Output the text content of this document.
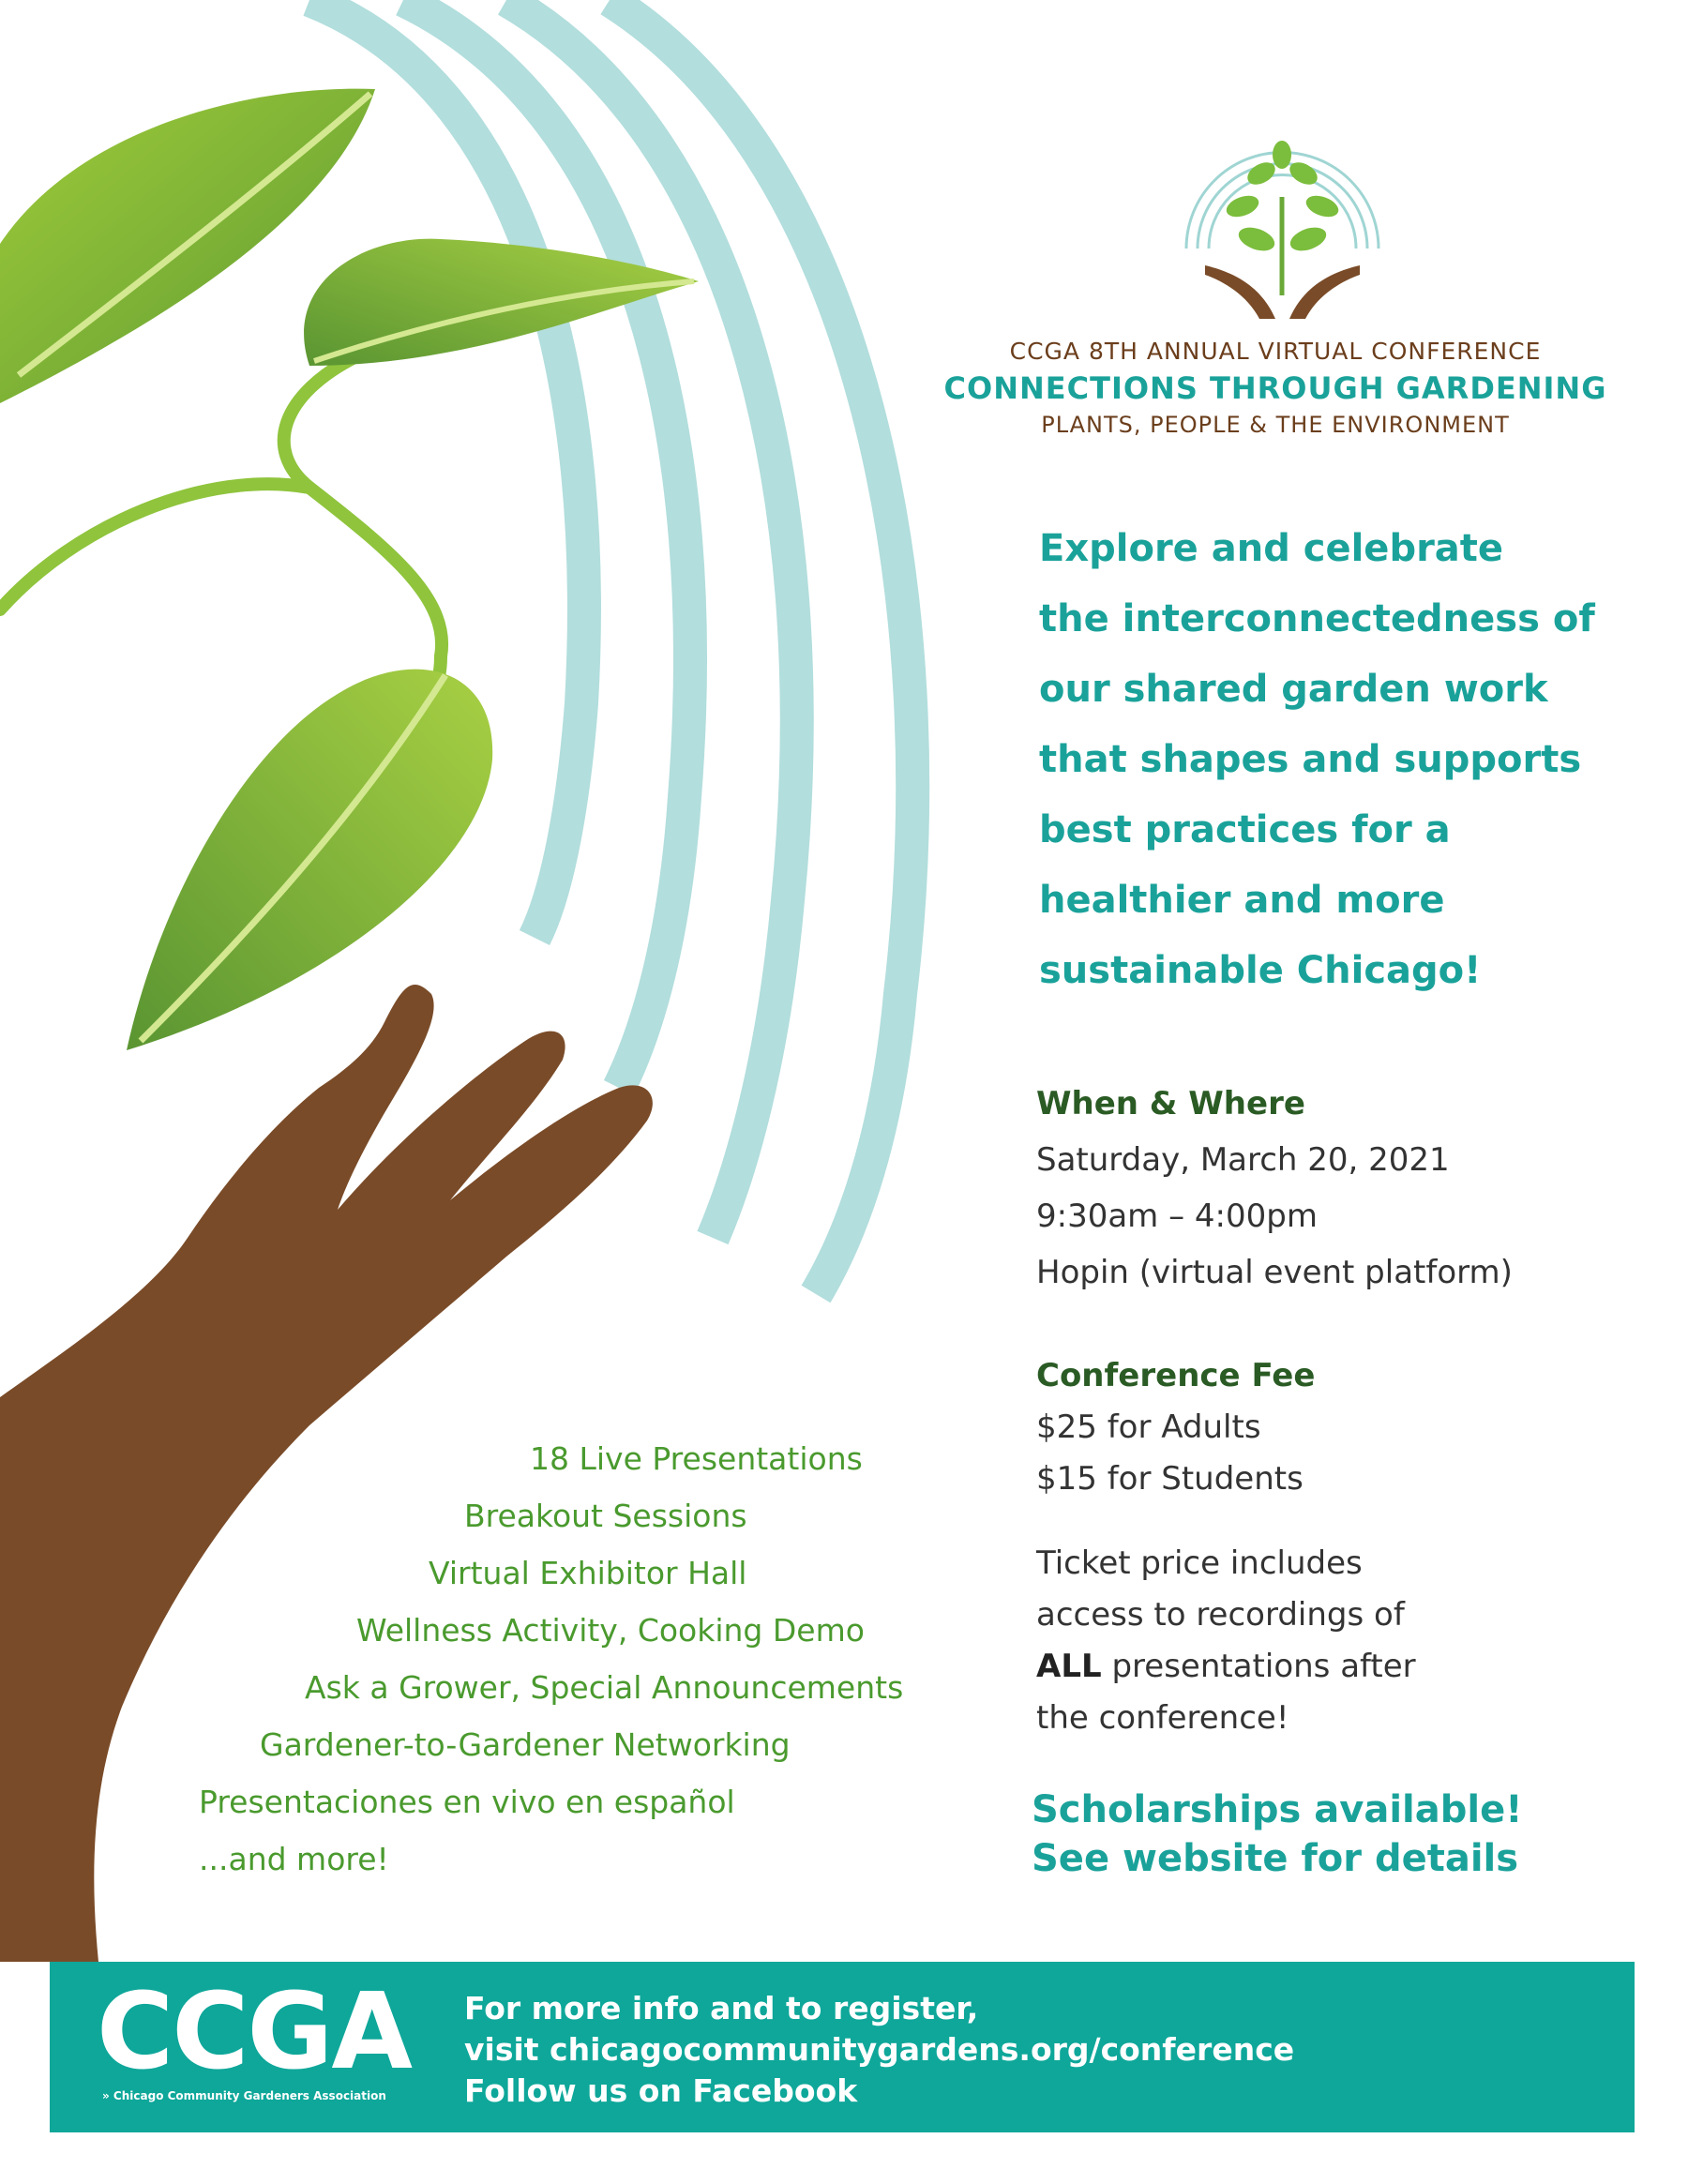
CCGA 8TH ANNUAL VIRTUAL CONFERENCE

CONNECTIONS THROUGH GARDENING

PLANTS, PEOPLE & THE ENVIRONMENT

Explore and celebrate
the interconnectedness of
our shared garden work
that shapes and supports
best practices for a
healthier and more
sustainable Chicago!
When & Where
Saturday, March 20, 2021
9:30am – 4:00pm
Hopin (virtual event platform)
Conference Fee
$25 for Adults
$15 for Students
Ticket price includes
access to recordings of
ALL presentations after
the conference!
Scholarships available!
See website for details
18 Live Presentations
Breakout Sessions
Virtual Exhibitor Hall
Wellness Activity, Cooking Demo
Ask a Grower, Special Announcements
Gardener-to-Gardener Networking
Presentaciones en vivo en español
...and more!
CCGA
» Chicago Community Gardeners Association
For more info and to register,
visit chicagocommunitygardens.org/conference
Follow us on Facebook
